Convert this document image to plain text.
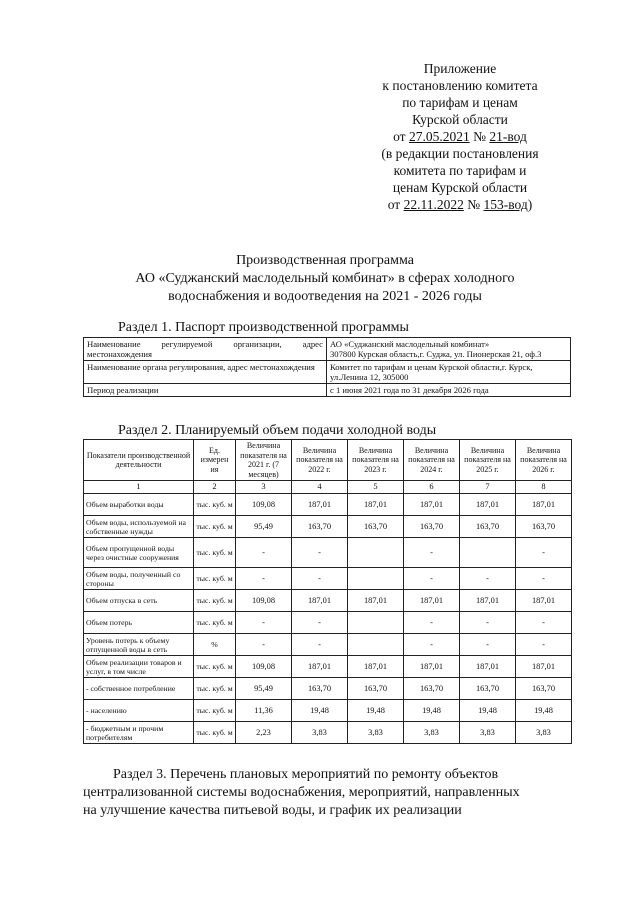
Приложение
к постановлению комитета
по тарифам и ценам
Курской области
от 27.05.2021 № 21-вод
(в редакции постановления
комитета по тарифам и
ценам Курской области
от 22.11.2022 № 153-вод)
Производственная программа
АО «Суджанский маслодельный комбинат» в сферах холодного
водоснабжения и водоотведения на 2021 - 2026 годы
Раздел 1. Паспорт производственной программы
Наименование регулируемой организации, адрес местонахождения	АО «Суджанский маслодельный комбинат»
307800 Курская область,г. Суджа, ул. Пионерская 21, оф.3

Наименование органа регулирования, адрес местонахождения	Комитет по тарифам и ценам Курской области,г. Курск,
ул.Ленина 12, 305000

Период реализации	с 1 июня 2021 года по 31 декабря 2026 года
Раздел 2. Планируемый объем подачи холодной воды
Показатели производственной деятельности	Ед. измерен ия	Величина показателя на 2021 г. (7 месяцев)	Величина показателя на 2022 г.	Величина показателя на 2023 г.	Величина показателя на 2024 г.	Величина показателя на 2025 г.	Величина показателя на 2026 г.
1	2	3	4	5	6	7	8
Объем выработки воды	тыс. куб. м	109,08	187,01	187,01	187,01	187,01	187,01
Объем воды, используемой на собственные нужды	тыс. куб. м	95,49	163,70	163,70	163,70	163,70	163,70
Объем пропущенной воды через очистные сооружения	тыс. куб. м	-	-		-		-
Объем воды, полученный со стороны	тыс. куб. м	-	-		-	-	-
Объем отпуска в сеть	тыс. куб. м	109,08	187,01	187,01	187,01	187,01	187,01
Объем потерь	тыс. куб. м	-	-		-	-	-
Уровень потерь к объему отпущенной воды в сеть	%	-	-		-	-	-
Объем реализации товаров и услуг, в том числе	тыс. куб. м	109,08	187,01	187,01	187,01	187,01	187,01
- собственное потребление	тыс. куб. м	95,49	163,70	163,70	163,70	163,70	163,70
- населению	тыс. куб. м	11,36	19,48	19,48	19,48	19,48	19,48
- бюджетным и прочим потребителям	тыс. куб. м	2,23	3,83	3,83	3,83	3,83	3,83
Раздел 3. Перечень плановых мероприятий по ремонту объектов
централизованной системы водоснабжения, мероприятий, направленных
на улучшение качества питьевой воды, и график их реализации
